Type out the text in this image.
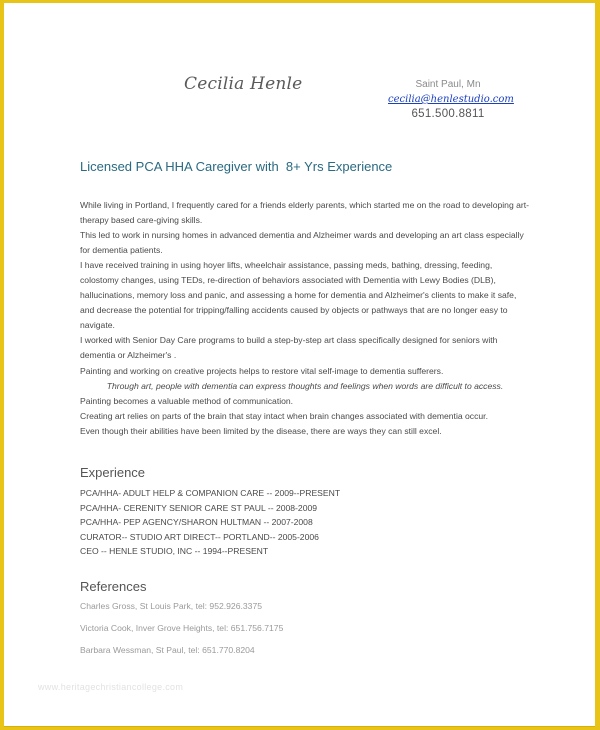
Cecilia Henle	Saint Paul, Mn
cecilia@henlestudio.com
651.500.8811
Licensed PCA HHA Caregiver with  8+ Yrs Experience

While living in Portland, I frequently cared for a friends elderly parents, which started me on the road to developing art-therapy based care-giving skills.

This led to work in nursing homes in advanced dementia and Alzheimer wards and developing an art class especially for dementia patients.

I have received training in using hoyer lifts, wheelchair assistance, passing meds, bathing, dressing, feeding, colostomy changes, using TEDs, re-direction of behaviors associated with Dementia with Lewy Bodies (DLB), hallucinations, memory loss and panic, and assessing a home for dementia and Alzheimer's clients to make it safe, and decrease the potential for tripping/falling accidents caused by objects or pathways that are no longer easy to navigate.

I worked with Senior Day Care programs to build a step-by-step art class specifically designed for seniors with dementia or Alzheimer's .

Painting and working on creative projects helps to restore vital self-image to dementia sufferers.

Through art, people with dementia can express thoughts and feelings when words are difficult to access.

Painting becomes a valuable method of communication.

Creating art relies on parts of the brain that stay intact when brain changes associated with dementia occur.

Even though their abilities have been limited by the disease, there are ways they can still excel.

Experience
PCA/HHA- ADULT HELP & COMPANION CARE -- 2009--PRESENT
PCA/HHA- CERENITY SENIOR CARE ST PAUL -- 2008-2009
PCA/HHA- PEP AGENCY/SHARON HULTMAN -- 2007-2008
CURATOR-- STUDIO ART DIRECT-- PORTLAND-- 2005-2006
CEO -- HENLE STUDIO, INC -- 1994--PRESENT
References
Charles Gross, St Louis Park, tel: 952.926.3375
Victoria Cook, Inver Grove Heights, tel: 651.756.7175
Barbara Wessman, St Paul, tel: 651.770.8204
www.heritagechristiancollege.com
